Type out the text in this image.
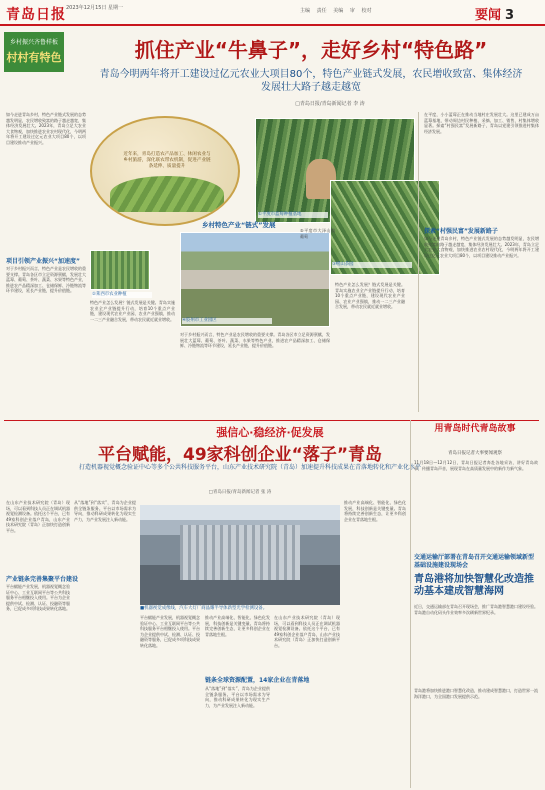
青岛日报 2023年12月15日 星期一	主编 责任 美编 审 校对	要闻 3
乡村振兴齐鲁样板
村村有特色	抓住产业“牛鼻子”，走好乡村“特色路”
青岛今明两年将开工建设过亿元农业大项目80个，特色产业链式发展，农民增收致富、集体经济发展壮大路子越走越宽
□青岛日报/青岛新闻记者 李 涛
如今走进青岛乡村，特色产业链式发展的态势越发明显，农民增收致富的路子越走越宽，集体经济发展壮大。2023年，青岛立足大农业大食物观，加快推进农业农村现代化，今明两年将开工建设过亿元农业大项目80个，以项目建设推动产业振兴。
项目引领产业振兴“加速度”
对于乡村振兴而言，特色产业是农民增收的重要支撑。青岛各区市立足资源禀赋，发展壮大蓝莓、葡萄、茶叶、蔬菜、水果等特色产业，推进农产品精深加工、仓储保鲜、冷链物流等环节建设，延长产业链，提升价值链。
近年来，青岛打造农产品加工、休闲农业与乡村旅游，深化联农带农机制，促进产业链条延伸、质量提升
①平度市蓝莓种植基地
③崂山茶园
②莱西市农业种植
④胶州市工业园区
乡村特色产业“链式”发展
⑤平度市大泽山镇葡萄
特色产业怎么发展？链式发展是关键。青岛实施农业全产业链提升行动，培育10个重点产业链，建设现代农业产业园、农业产业强镇，推动一二三产业融合发展，带动农民就近就业增收。
对于乡村振兴而言，特色产业是农民增收的重要支撑。青岛各区市立足资源禀赋，发展壮大蓝莓、葡萄、茶叶、蔬菜、水果等特色产业，推进农产品精深加工、仓储保鲜、冷链物流等环节建设，延长产业链，提升价值链。
特色产业怎么发展？链式发展是关键。青岛实施农业全产业链提升行动，培育10个重点产业链，建设现代农业产业园、农业产业强镇，推动一二三产业融合发展，带动农民就近就业增收。
在平度，小小蓝莓正在推动当地村庄发展壮大。这里已建成万亩蓝莓基地，带动周边村民种植、采摘、加工、销售，村集体增收显著。探索“村强民富”发展新路子，青岛以党建引领推进村集体经济发展。
探索“村强民富”发展新路子
如今走进青岛乡村，特色产业链式发展的态势越发明显，农民增收致富的路子越走越宽，集体经济发展壮大。2023年，青岛立足大农业大食物观，加快推进农业农村现代化，今明两年将开工建设过亿元农业大项目80个，以项目建设推动产业振兴。
强信心·稳经济·促发展
平台赋能，49家科创企业“落子”青岛
打造机器视觉概念验证中心等多个公共科技服务平台，山东产业技术研究院（青岛）加速提升科技成果在青落地转化和产业化水平
□青岛日报/青岛新闻记者 张 涛
在山东产业技术研究院（青岛）现场，可以看到科技人员正在调试机器视觉检测设备。依托这个平台，已有49家科创企业落户青岛，山东产业技术研究院（青岛）正加快打造创新平台。
产业链条完善集聚平台建设
平台赋能产业发展，机器视觉概念验证中心、工业互联网平台等公共科技服务平台相继投入使用。平台为企业提供中试、检测、认证、投融资等服务，已促成多项科技成果转化落地。
从“落地”到“落实”，青岛为企业提供全链条服务。平台以市场需求为导向，推动科研成果转化为现实生产力，为产业发展注入新动能。
■机器视觉成像线，汽车大灯厂商晶耀半导体新型光学检测设备。
平台赋能产业发展，机器视觉概念验证中心、工业互联网平台等公共科技服务平台相继投入使用。平台为企业提供中试、检测、认证、投融资等服务，已促成多项科技成果转化落地。
链条全球资源配置，14家企业在青落地
推动产业高端化、智能化、绿色化发展，科技创新是关键变量。青岛将持续完善创新生态，让更多科创企业在青落地生根。
从“落地”到“落实”，青岛为企业提供全链条服务。平台以市场需求为导向，推动科研成果转化为现实生产力，为产业发展注入新动能。
在山东产业技术研究院（青岛）现场，可以看到科技人员正在调试机器视觉检测设备。依托这个平台，已有49家科创企业落户青岛，山东产业技术研究院（青岛）正加快打造创新平台。
推动产业高端化、智能化、绿色化发展，科技创新是关键变量。青岛将持续完善创新生态，让更多科创企业在青落地生根。
用青岛时代青岛故事
青岛日报记者大事要闻观察
11月18日—12月12日，青岛日报记者奔赴各地采访，讲好青岛故事，传播青岛声音，展现青岛在高质量发展中的新作为新气象。
交通运输厅部署在青岛召开交通运输领域新型基础设施建设现场会
青岛港将加快智慧化改造推动基本建成智慧海网
近日，交通运输部在青岛召开现场会，推广青岛港智慧港口建设经验。青岛港自动化码头作业效率多次刷新世界纪录。
青岛港将加快推进港口智慧化改造，推动建成智慧港口，打造世界一流海洋港口，为全国港口发展提供示范。
